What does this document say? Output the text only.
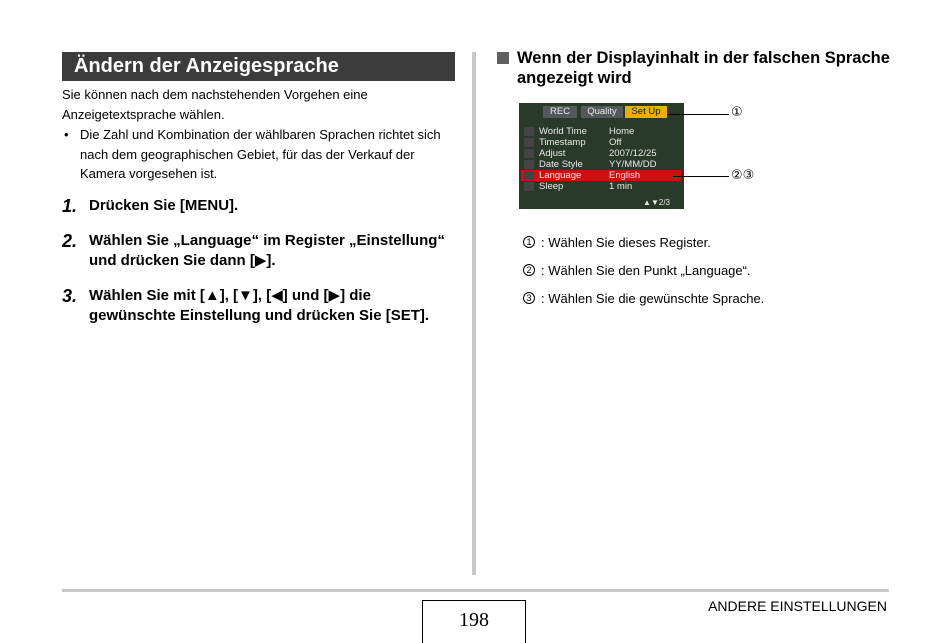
Ändern der Anzeigesprache
Sie können nach dem nachstehenden Vorgehen eine Anzeigetextsprache wählen.
• Die Zahl und Kombination der wählbaren Sprachen richtet sich nach dem geographischen Gebiet, für das der Verkauf der Kamera vorgesehen ist.
1. Drücken Sie [MENU].
2. Wählen Sie „Language“ im Register „Einstellung“ und drücken Sie dann [▶].
3. Wählen Sie mit [▲], [▼], [◀] und [▶] die gewünschte Einstellung und drücken Sie [SET].
Wenn der Displayinhalt in der falschen Sprache angezeigt wird
REC	Quality	Set Up
World Time Home
Timestamp Off
Adjust	2007/12/25
Date Style	YY/MM/DD
Language	English
Sleep	1 min
▲▼2/3
①
②③
1 : Wählen Sie dieses Register.
2 : Wählen Sie den Punkt „Language“.
3 : Wählen Sie die gewünschte Sprache.
198
ANDERE EINSTELLUNGEN
